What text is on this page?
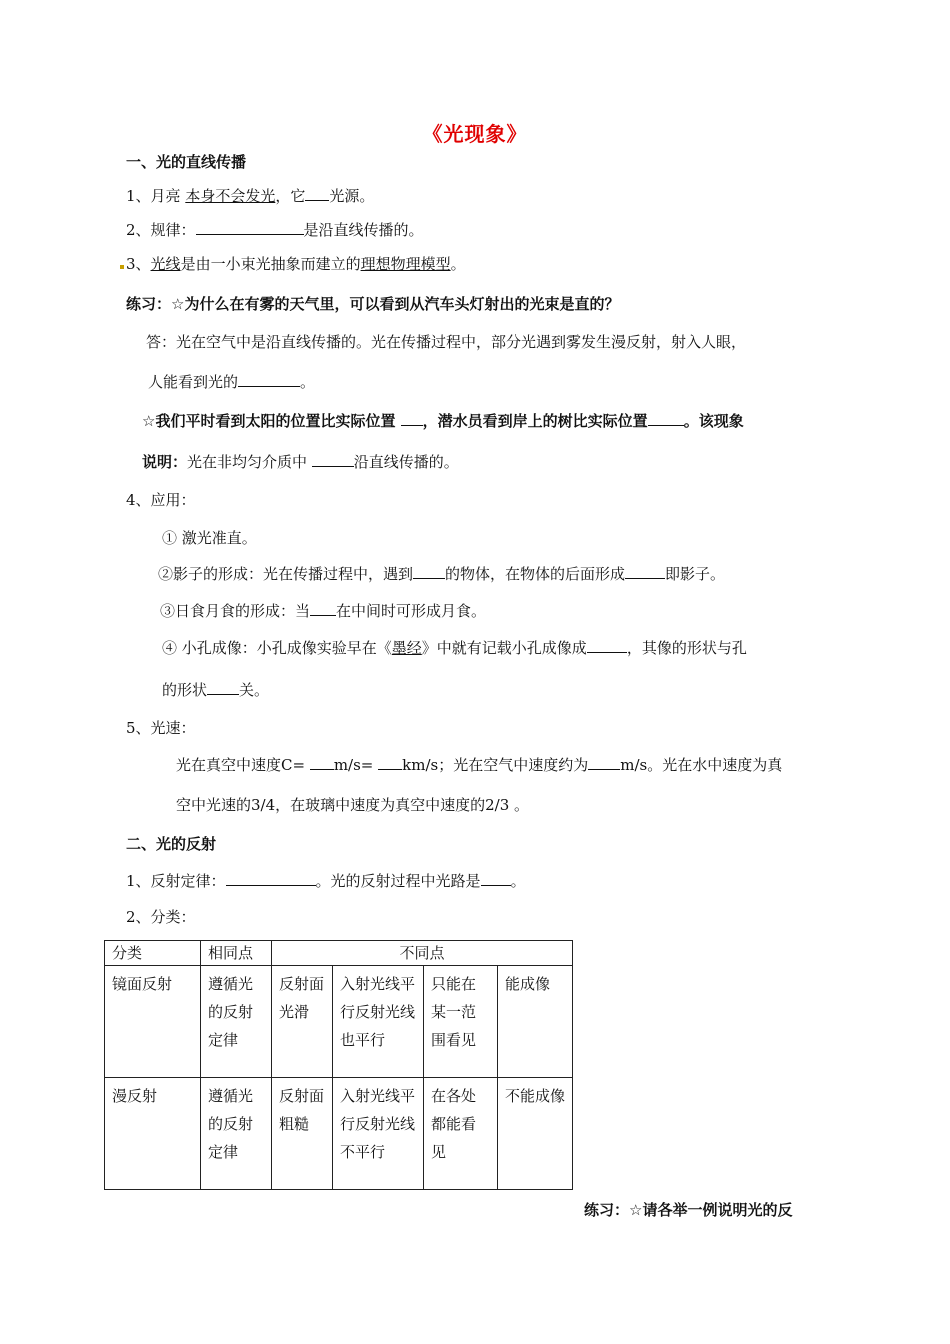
《光现象》
一、光的直线传播
1、月亮 本身不会发光，它 光源。
2、规律：	是沿直线传播的。
3、光线是由一小束光抽象而建立的理想物理模型。
练习：☆为什么在有雾的天气里，可以看到从汽车头灯射出的光束是直的？
答：光在空气中是沿直线传播的。光在传播过程中，部分光遇到雾发生漫反射，射入人眼，
人能看到光的	。
☆我们平时看到太阳的位置比实际位置 ，潜水员看到岸上的树比实际位置 。该现象
说明：光在非均匀介质中	沿直线传播的。
4、应用：
① 激光准直。
②影子的形成：光在传播过程中，遇到 的物体，在物体的后面形成	即影子。
③日食月食的形成：当 在中间时可形成月食。
④ 小孔成像：小孔成像实验早在《墨经》中就有记载小孔成像成	，其像的形状与孔
的形状 关。
5、光速：
光在真空中速度C= m/s= km/s；光在空气中速度约为 m/s。光在水中速度为真
空中光速的3/4，在玻璃中速度为真空中速度的2/3 。
二、光的反射
1、反射定律：	。光的反射过程中光路是 。
2、分类：
分类	相同点	不同点			
镜面反射	遵循光的反射定律	反射面光滑	入射光线平行反射光线也平行	只能在某一范围看见	能成像
漫反射	遵循光的反射定律	反射面粗糙	入射光线平行反射光线不平行	在各处都能看见	不能成像
练习：☆请各举一例说明光的反
